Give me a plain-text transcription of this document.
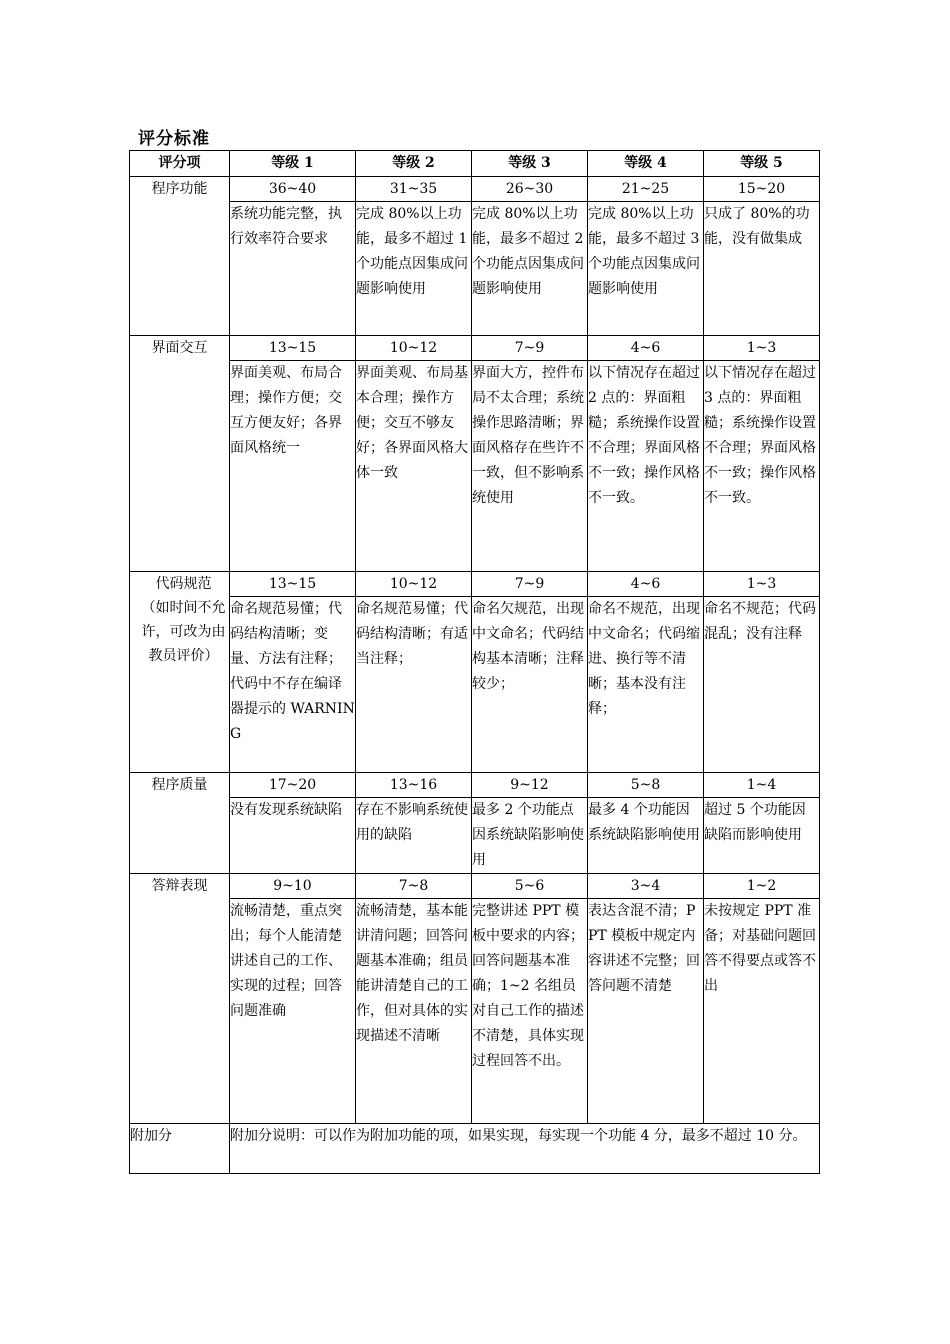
评分标准
评分项	等级 1	等级 2	等级 3	等级 4	等级 5

程序功能	36~40	31~35	26~30	21~25	15~20
	系统功能完整，执行效率符合要求	完成 80%以上功能，最多不超过 1 个功能点因集成问题影响使用	完成 80%以上功能，最多不超过 2 个功能点因集成问题影响使用	完成 80%以上功能，最多不超过 3 个功能点因集成问题影响使用	只成了 80%的功能，没有做集成

界面交互	13~15	10~12	7~9	4~6	1~3
	界面美观、布局合理；操作方便；交互方便友好；各界面风格统一	界面美观、布局基本合理；操作方便；交互不够友好；各界面风格大体一致	界面大方，控件布局不太合理；系统操作思路清晰；界面风格存在些许不一致，但不影响系统使用	以下情况存在超过 2 点的：界面粗糙；系统操作设置不合理；界面风格不一致；操作风格不一致。	以下情况存在超过 3 点的：界面粗糙；系统操作设置不合理；界面风格不一致；操作风格不一致。

代码规范
（如时间不允许，可改为由教员评价）	13~15	10~12	7~9	4~6	1~3
	命名规范易懂；代码结构清晰；变量、方法有注释；代码中不存在编译器提示的 WARNING	命名规范易懂；代码结构清晰；有适当注释；	命名欠规范，出现中文命名；代码结构基本清晰；注释较少；	命名不规范，出现中文命名；代码缩进、换行等不清晰；基本没有注释；	命名不规范；代码混乱；没有注释

程序质量	17~20	13~16	9~12	5~8	1~4
	没有发现系统缺陷	存在不影响系统使用的缺陷	最多 2 个功能点因系统缺陷影响使用	最多 4 个功能因系统缺陷影响使用	超过 5 个功能因缺陷而影响使用

答辩表现	9~10	7~8	5~6	3~4	1~2
	流畅清楚，重点突出；每个人能清楚讲述自己的工作、实现的过程；回答问题准确	流畅清楚，基本能讲清问题；回答问题基本准确；组员能讲清楚自己的工作，但对具体的实现描述不清晰	完整讲述 PPT 模板中要求的内容；回答问题基本准确；1~2 名组员对自己工作的描述不清楚，具体实现过程回答不出。	表达含混不清；PPT 模板中规定内容讲述不完整；回答问题不清楚	未按规定 PPT 准备；对基础问题回答不得要点或答不出
附加分	附加分说明：可以作为附加功能的项，如果实现，每实现一个功能 4 分，最多不超过 10 分。				
